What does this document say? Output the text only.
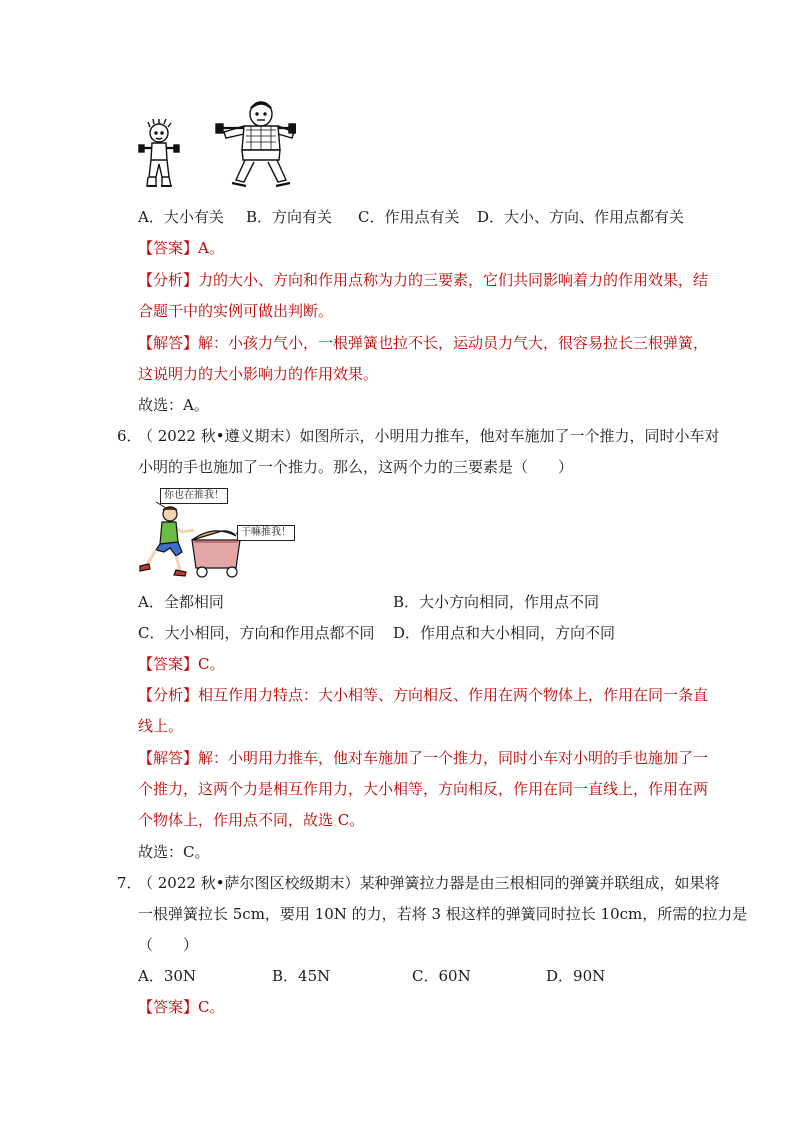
A．大小有关 B．方向有关 C．作用点有关 D．大小、方向、作用点都有关
【答案】A。
【分析】力的大小、方向和作用点称为力的三要素，它们共同影响着力的作用效果，结
合题干中的实例可做出判断。
【解答】解：小孩力气小，一根弹簧也拉不长，运动员力气大，很容易拉长三根弹簧，
这说明力的大小影响力的作用效果。
故选：A。
6．
（ 2022 秋•遵义期末）如图所示，小明用力推车，他对车施加了一个推力，同时小车对
小明的手也施加了一个推力。那么，这两个力的三要素是（　　）
你也在推我！
干嘛推我！
A．全都相同	B．大小方向相同，作用点不同
C．大小相同，方向和作用点都不同 D．作用点和大小相同，方向不同
【答案】C。
【分析】相互作用力特点：大小相等、方向相反、作用在两个物体上，作用在同一条直
线上。
【解答】解：小明用力推车，他对车施加了一个推力，同时小车对小明的手也施加了一
个推力，这两个力是相互作用力，大小相等，方向相反，作用在同一直线上，作用在两
个物体上，作用点不同，故选 C。
故选：C。
7．
（ 2022 秋•萨尔图区校级期末）某种弹簧拉力器是由三根相同的弹簧并联组成，如果将
一根弹簧拉长 5cm，要用 10N 的力，若将 3 根这样的弹簧同时拉长 10cm，所需的拉力是
（　　）
A．30N	B．45N	C．60N	D．90N
【答案】C。
